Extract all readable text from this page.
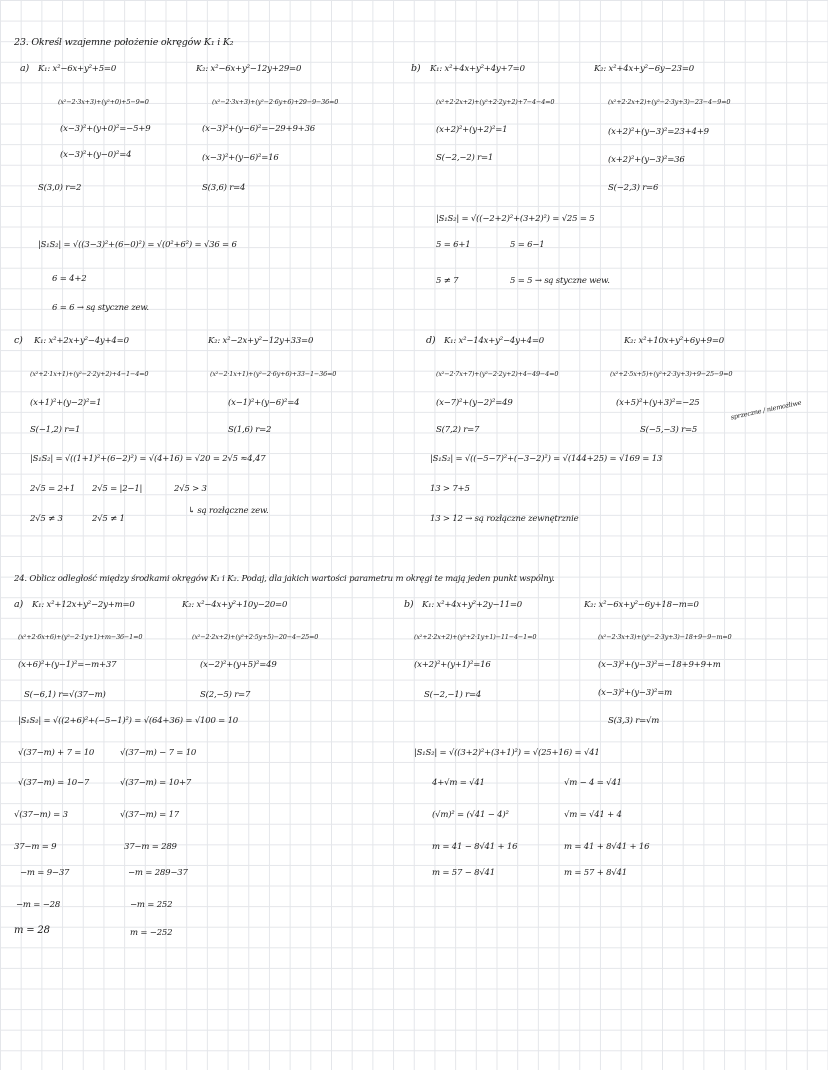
23. Określ wzajemne położenie okręgów K₁ i K₂
a) K₁: x²−6x+y²+5=0
(x²−2·3x+3)+(y²+0)+5−9=0
(x−3)²+(y+0)²=−5+9
(x−3)²+(y−0)²=4
S(3,0) r=2
K₂: x²−6x+y²−12y+29=0
(x²−2·3x+3)+(y²−2·6y+6)+29−9−36=0
(x−3)²+(y−6)²=−29+9+36
(x−3)²+(y−6)²=16
S(3,6) r=4
|S₁S₂| = √((3−3)²+(6−0)²) = √(0²+6²) = √36 = 6
6 = 4+2
6 = 6 → są styczne zew.
b) K₁: x²+4x+y²+4y+7=0
(x²+2·2x+2)+(y²+2·2y+2)+7−4−4=0
(x+2)²+(y+2)²=1
S(−2,−2) r=1
K₂: x²+4x+y²−6y−23=0
(x²+2·2x+2)+(y²−2·3y+3)−23−4−9=0
(x+2)²+(y−3)²=23+4+9
(x+2)²+(y−3)²=36
S(−2,3) r=6
|S₁S₂| = √((−2+2)²+(3+2)²) = √25 = 5
5 = 6+1	5 = 6−1
5 ≠ 7	5 = 5 → są styczne wew.
c) K₁: x²+2x+y²−4y+4=0
(x²+2·1x+1)+(y²−2·2y+2)+4−1−4=0
(x+1)²+(y−2)²=1
S(−1,2) r=1
K₂: x²−2x+y²−12y+33=0
(x²−2·1x+1)+(y²−2·6y+6)+33−1−36=0
(x−1)²+(y−6)²=4
S(1,6) r=2
|S₁S₂| = √((1+1)²+(6−2)²) = √(4+16) = √20 = 2√5 ≈4,47
2√5 = 2+1 2√5 = |2−1|	2√5 > 3
2√5 ≠ 3	2√5 ≠ 1
↳ są rozłączne zew.
d) K₁: x²−14x+y²−4y+4=0
(x²−2·7x+7)+(y²−2·2y+2)+4−49−4=0
(x−7)²+(y−2)²=49
S(7,2) r=7
K₂: x²+10x+y²+6y+9=0
(x²+2·5x+5)+(y²+2·3y+3)+9−25−9=0
(x+5)²+(y+3)²=−25
S(−5,−3) r=5
sprzeczne / niemożliwe
|S₁S₂| = √((−5−7)²+(−3−2)²) = √(144+25) = √169 = 13
13 > 7+5
13 > 12 → są rozłączne zewnętrznie
24. Oblicz odległość między środkami okręgów K₁ i K₂. Podaj, dla jakich wartości parametru m okręgi te mają jeden punkt wspólny.
a) K₁: x²+12x+y²−2y+m=0
(x²+2·6x+6)+(y²−2·1y+1)+m−36−1=0
(x+6)²+(y−1)²=−m+37
S(−6,1) r=√(37−m)
K₂: x²−4x+y²+10y−20=0
(x²−2·2x+2)+(y²+2·5y+5)−20−4−25=0
(x−2)²+(y+5)²=49
S(2,−5) r=7
|S₁S₂| = √((2+6)²+(−5−1)²) = √(64+36) = √100 = 10
√(37−m) + 7 = 10
√(37−m) = 10−7
√(37−m) = 3
37−m = 9
−m = 9−37
−m = −28
m = 28
√(37−m) − 7 = 10
√(37−m) = 10+7
√(37−m) = 17
37−m = 289
−m = 289−37
−m = 252
m = −252
b) K₁: x²+4x+y²+2y−11=0
(x²+2·2x+2)+(y²+2·1y+1)−11−4−1=0
(x+2)²+(y+1)²=16
S(−2,−1) r=4
K₂: x²−6x+y²−6y+18−m=0
(x²−2·3x+3)+(y²−2·3y+3)−18+9−9−m=0
(x−3)²+(y−3)²=−18+9+9+m
(x−3)²+(y−3)²=m
S(3,3) r=√m
|S₁S₂| = √((3+2)²+(3+1)²) = √(25+16) = √41
4+√m = √41
(√m)² = (√41 − 4)²
m = 41 − 8√41 + 16
m = 57 − 8√41
√m − 4 = √41
√m = √41 + 4
m = 41 + 8√41 + 16
m = 57 + 8√41
